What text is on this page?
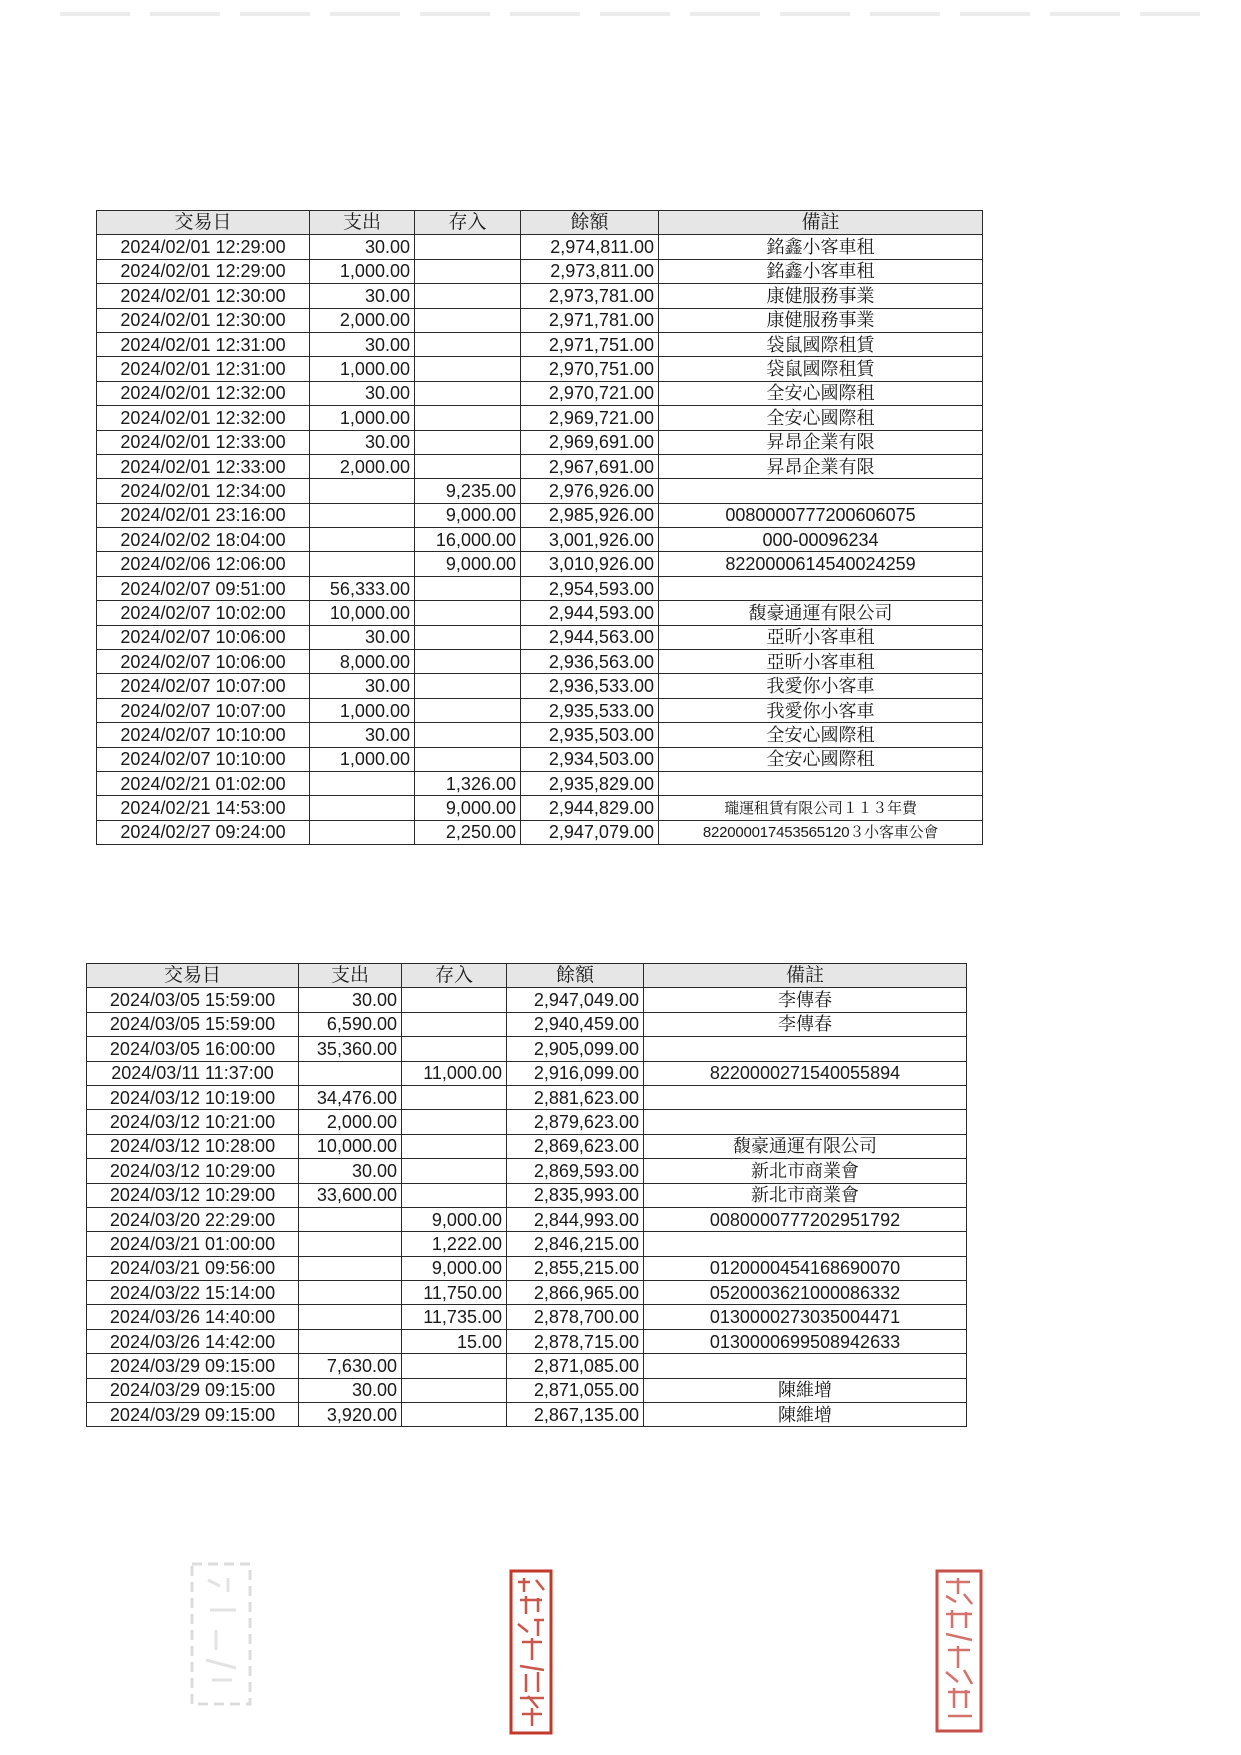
交易日	支出	存入	餘額	備註
2024/02/01 12:29:00	30.00		2,974,811.00	銘鑫小客車租
2024/02/01 12:29:00	1,000.00		2,973,811.00	銘鑫小客車租
2024/02/01 12:30:00	30.00		2,973,781.00	康健服務事業
2024/02/01 12:30:00	2,000.00		2,971,781.00	康健服務事業
2024/02/01 12:31:00	30.00		2,971,751.00	袋鼠國際租賃
2024/02/01 12:31:00	1,000.00		2,970,751.00	袋鼠國際租賃
2024/02/01 12:32:00	30.00		2,970,721.00	全安心國際租
2024/02/01 12:32:00	1,000.00		2,969,721.00	全安心國際租
2024/02/01 12:33:00	30.00		2,969,691.00	昇昂企業有限
2024/02/01 12:33:00	2,000.00		2,967,691.00	昇昂企業有限
2024/02/01 12:34:00		9,235.00	2,976,926.00	
2024/02/01 23:16:00		9,000.00	2,985,926.00	0080000777200606075
2024/02/02 18:04:00		16,000.00	3,001,926.00	000-00096234
2024/02/06 12:06:00		9,000.00	3,010,926.00	8220000614540024259
2024/02/07 09:51:00	56,333.00		2,954,593.00	
2024/02/07 10:02:00	10,000.00		2,944,593.00	馥豪通運有限公司
2024/02/07 10:06:00	30.00		2,944,563.00	亞昕小客車租
2024/02/07 10:06:00	8,000.00		2,936,563.00	亞昕小客車租
2024/02/07 10:07:00	30.00		2,936,533.00	我愛你小客車
2024/02/07 10:07:00	1,000.00		2,935,533.00	我愛你小客車
2024/02/07 10:10:00	30.00		2,935,503.00	全安心國際租
2024/02/07 10:10:00	1,000.00		2,934,503.00	全安心國際租
2024/02/21 01:02:00		1,326.00	2,935,829.00	
2024/02/21 14:53:00		9,000.00	2,944,829.00	瓏運租賃有限公司１１３年費
2024/02/27 09:24:00		2,250.00	2,947,079.00	822000017453565120３小客車公會
交易日	支出	存入	餘額	備註
2024/03/05 15:59:00	30.00		2,947,049.00	李傳春
2024/03/05 15:59:00	6,590.00		2,940,459.00	李傳春
2024/03/05 16:00:00	35,360.00		2,905,099.00	
2024/03/11 11:37:00		11,000.00	2,916,099.00	8220000271540055894
2024/03/12 10:19:00	34,476.00		2,881,623.00	
2024/03/12 10:21:00	2,000.00		2,879,623.00	
2024/03/12 10:28:00	10,000.00		2,869,623.00	馥豪通運有限公司
2024/03/12 10:29:00	30.00		2,869,593.00	新北市商業會
2024/03/12 10:29:00	33,600.00		2,835,993.00	新北市商業會
2024/03/20 22:29:00		9,000.00	2,844,993.00	0080000777202951792
2024/03/21 01:00:00		1,222.00	2,846,215.00	
2024/03/21 09:56:00		9,000.00	2,855,215.00	0120000454168690070
2024/03/22 15:14:00		11,750.00	2,866,965.00	0520003621000086332
2024/03/26 14:40:00		11,735.00	2,878,700.00	0130000273035004471
2024/03/26 14:42:00		15.00	2,878,715.00	0130000699508942633
2024/03/29 09:15:00	7,630.00		2,871,085.00	
2024/03/29 09:15:00	30.00		2,871,055.00	陳維增
2024/03/29 09:15:00	3,920.00		2,867,135.00	陳維增
